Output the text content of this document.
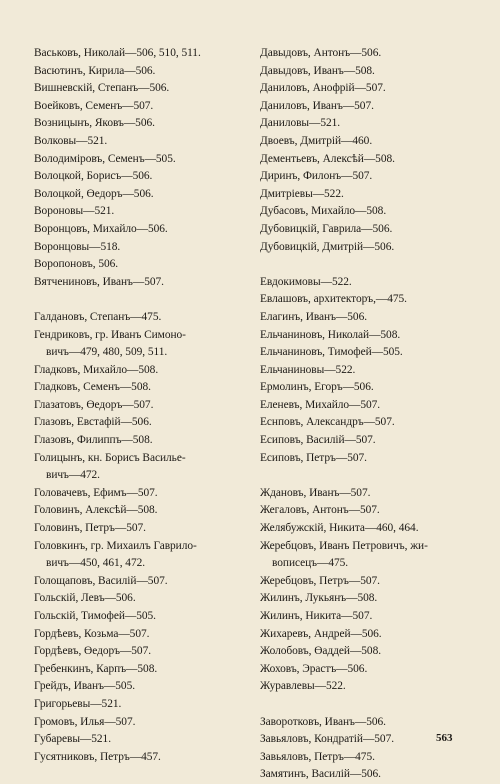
Васьковъ, Николай—506, 510, 511.
Васютинъ, Кирила—506.
Вишневскій, Степанъ—506.
Воейковъ, Семенъ—507.
Возницынъ, Яковъ—506.
Волковы—521.
Володиміровъ, Семенъ—505.
Волоцкой, Борисъ—506.
Волоцкой, Өедоръ—506.
Вороновы—521.
Воронцовъ, Михайло—506.
Воронцовы—518.
Воропоновъ, 506.
Вятчениновъ, Иванъ—507.
Галдановъ, Степанъ—475.
Гендриковъ, гр. Иванъ Симоно-
вичъ—479, 480, 509, 511.
Гладковъ, Михайло—508.
Гладковъ, Семенъ—508.
Глазатовъ, Өедоръ—507.
Глазовъ, Евстафій—506.
Глазовъ, Филиппъ—508.
Голицынъ, кн. Борисъ Василье-
вичъ—472.
Головачевъ, Ефимъ—507.
Головинъ, Алексѣй—508.
Головинъ, Петръ—507.
Головкинъ, гр. Михаилъ Гаврило-
вичъ—450, 461, 472.
Голощаповъ, Василій—507.
Гольскій, Левъ—506.
Гольскій, Тимофей—505.
Гордѣевъ, Козьма—507.
Гордѣевъ, Өедоръ—507.
Гребенкинъ, Карпъ—508.
Грейдъ, Иванъ—505.
Григорьевы—521.
Громовъ, Илья—507.
Губаревы—521.
Гусятниковъ, Петръ—457.
Давыдовъ, Антонъ—506.
Давыдовъ, Иванъ—508.
Даниловъ, Анофрій—507.
Даниловъ, Иванъ—507.
Даниловы—521.
Двоевъ, Дмитрій—460.
Дементьевъ, Алексѣй—508.
Диринъ, Филонъ—507.
Дмитріевы—522.
Дубасовъ, Михайло—508.
Дубовицкій, Гаврила—506.
Дубовицкій, Дмитрій—506.
Евдокимовы—522.
Евлашовъ, архитекторъ,—475.
Елагинъ, Иванъ—506.
Ельчаниновъ, Николай—508.
Ельчаниновъ, Тимофей—505.
Ельчаниновы—522.
Ермолинъ, Егоръ—506.
Еленевъ, Михайло—507.
Еснповъ, Александръ—507.
Есиповъ, Василій—507.
Есиповъ, Петръ—507.
Ждановъ, Иванъ—507.
Жегаловъ, Антонъ—507.
Желябужскій, Никита—460, 464.
Жеребцовъ, Иванъ Петровичъ, жи-
вописецъ—475.
Жеребцовъ, Петръ—507.
Жилинъ, Лукьянъ—508.
Жилинъ, Никита—507.
Жихаревъ, Андрей—506.
Жолобовъ, Өаддей—508.
Жоховъ, Эрастъ—506.
Журавлевы—522.
Заворотковъ, Иванъ—506.
Завьяловъ, Кондратій—507.
Завьяловъ, Петръ—475.
Замятинъ, Василій—506.
563
